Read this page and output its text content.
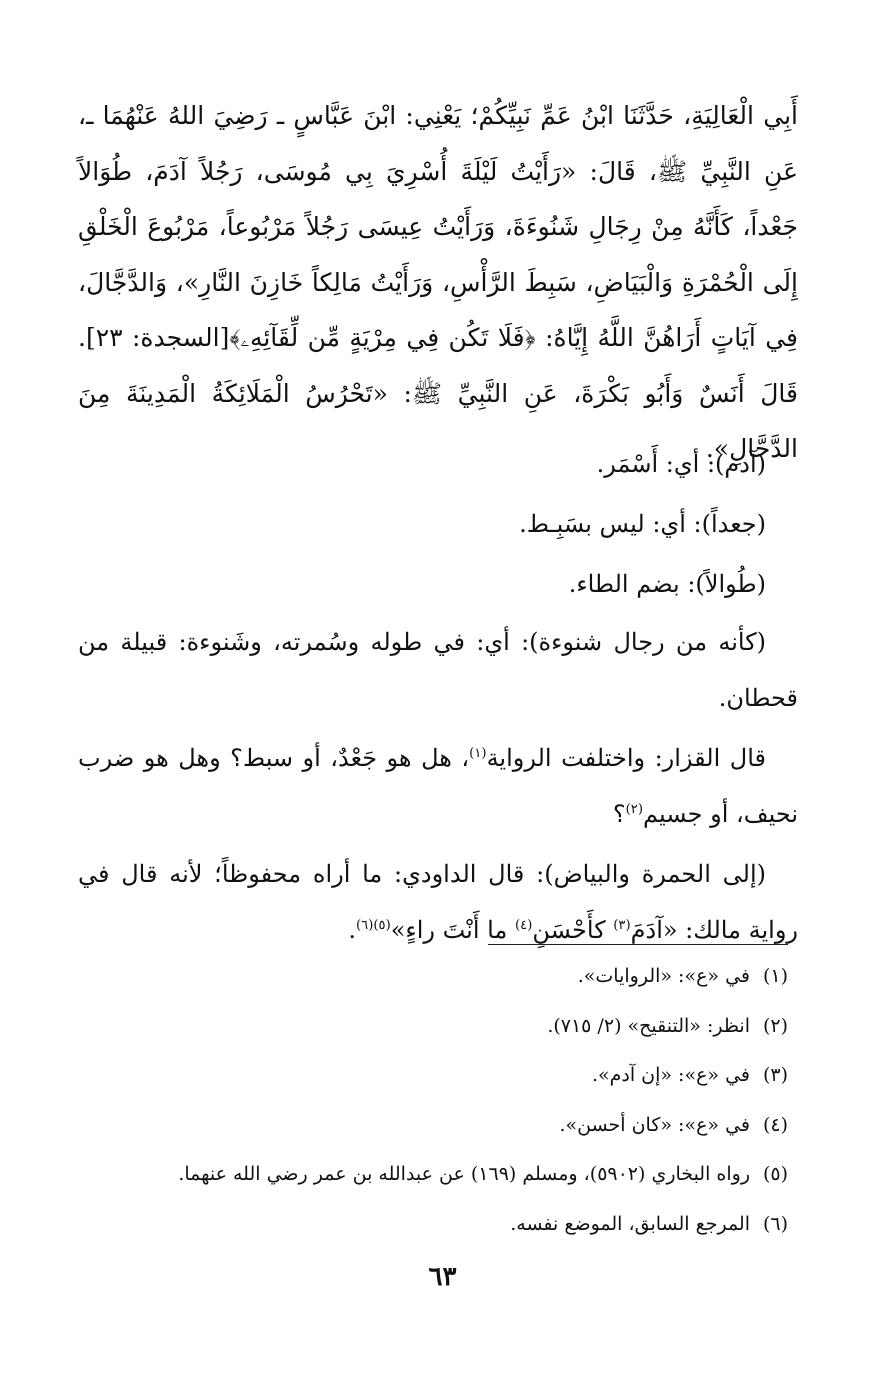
أَبِي الْعَالِيَةِ، حَدَّثَنَا ابْنُ عَمِّ نَبِيِّكُمْ؛ يَعْنِي: ابْنَ عَبَّاسٍ ـ رَضِيَ اللهُ عَنْهُمَا ـ، عَنِ النَّبِيِّ ﷺ، قَالَ: «رَأَيْتُ لَيْلَةَ أُسْرِيَ بِي مُوسَى، رَجُلاً آدَمَ، طُوَالاً جَعْداً، كَأَنَّهُ مِنْ رِجَالِ شَنُوءَةَ، وَرَأَيْتُ عِيسَى رَجُلاً مَرْبُوعاً، مَرْبُوعَ الْخَلْقِ إِلَى الْحُمْرَةِ وَالْبَيَاضِ، سَبِطَ الرَّأْسِ، وَرَأَيْتُ مَالِكاً خَازِنَ النَّارِ»، وَالدَّجَّالَ، فِي آيَاتٍ أَرَاهُنَّ اللَّهُ إِيَّاهُ: ﴿فَلَا تَكُن فِي مِرْيَةٍ مِّن لِّقَآئِهِۦ﴾[السجدة: ٢٣]. قَالَ أَنَسٌ وَأَبُو بَكْرَةَ، عَنِ النَّبِيِّ ﷺ: «تَحْرُسُ الْمَلَائِكَةُ الْمَدِينَةَ مِنَ الدَّجَّالِ».

(آدم): أي: أَسْمَر.

(جعداً): أي: ليس بسَبِـط.

(طُوالاً): بضم الطاء.

(كأنه من رجال شنوءة): أي: في طوله وسُمرته، وشَنوءة: قبيلة من قحطان.

قال القزار: واختلفت الرواية$^{(١)}$، هل هو جَعْدٌ، أو سبط؟ وهل هو ضرب نحيف، أو جسيم$^{(٢)}$؟

(إلى الحمرة والبياض): قال الداودي: ما أراه محفوظاً؛ لأنه قال في رواية مالك: «آدَمَ$^{(٣)}$ كأَحْسَنِ$^{(٤)}$ ما أَنْتَ راءٍ»$^{(٥)(٦)}$.

(١)
في «ع»: «الروايات».
(٢)
انظر: «التنقيح» (٢/ ٧١٥).
(٣)
في «ع»: «إن آدم».
(٤)
في «ع»: «كان أحسن».
(٥)
رواه البخاري (٥٩٠٢)، ومسلم (١٦٩) عن عبدالله بن عمر رضي الله عنهما.
(٦)
المرجع السابق، الموضع نفسه.
٦٣
